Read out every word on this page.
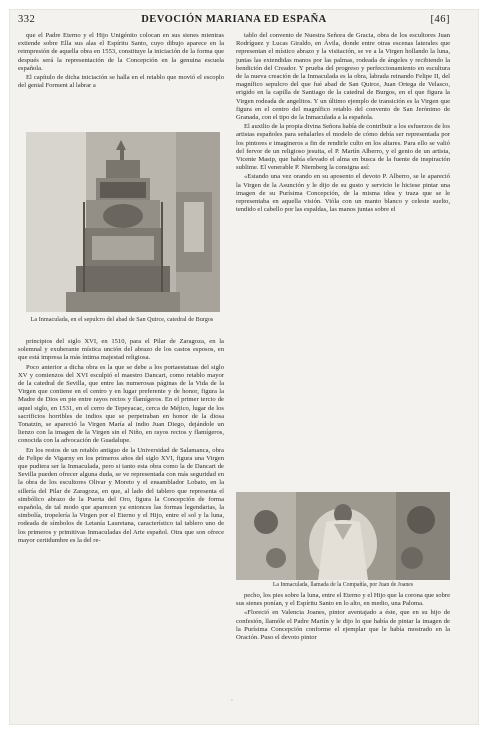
332	DEVOCIÓN MARIANA ED ESPAÑA	[46]

que el Padre Eterno y el Hijo Unigénito colocan en sus sienes mientras extiende sobre Ella sus alas el Espíritu Santo, cuyo dibujo aparece en la reimpresión de aquella obra en 1553, constituye la iniciación de la forma que después será la representación de la Concepción en la genuina escuela española.

El capítulo de dicha iniciación se halla en el retablo que movió el escoplo del genial Forment al labrar a

La Inmaculada, en el sepulcro del abad de San Quirce, catedral de Burgos

principios del siglo XVI, en 1510, para el Pilar de Zaragoza, en la solemnal y exuberante mística unción del abrazo de los castos esposos, en que está impresa la más íntima majestad religiosa.

Poco anterior a dicha obra es la que se debe a los portaestatuas del siglo XV y comienzos del XVI esculpió el maestro Dancart, como retablo mayor de la catedral de Sevilla, que entre las numerosas páginas de la Vida de la Virgen que contiene en el centro y en lugar preferente y de honor, figura la Madre de Dios en pie entre rayos rectos y flamígeros. En el primer tercio de aquel siglo, en 1531, en el cerro de Tepeyacac, cerca de Méjico, lugar de los sacrificios horribles de indios que se perpetraban en honor de la diosa Tonatzin, se apareció la Virgen María al indio Juan Diego, dejándole un lienzo con la imagen de la Virgen sin el Niño, en rayos rectos y flamígeros, conocida con la advocación de Guadalupe.

En los restos de un retablo antiguo de la Universidad de Salamanca, obra de Felipe de Vigarny en los primeros años del siglo XVI, figura una Virgen que pudiera ser la Inmaculada, pero si tanto esta obra como la de Dancart de Sevilla pueden ofrecer alguna duda, se ve representada con más seguridad en la obra de los escultores Olivar y Moreto y el ensamblador Lobato, en la sillería del Pilar de Zaragoza, en que, al lado del tablero que representa el simbólico abrazo de la Puerta del Oro, figura la Concepción de forma española, de tal modo que aparecen ya entonces las formas legendarias, la simbolía, tropelería la Virgen por el Eterno y el Hijo, entre el sol y la luna, rodeada de símbolos de Letanía Lauretana, característico tal tablero uno de los primeros y primitivas Inmaculadas del Arte español. Otra que son ofrece mayor certidumbre es la del re-

tablo del convento de Nuestra Señora de Gracia, obra de los escultores Juan Rodríguez y Lucas Giraldo, en Ávila, donde entre otras escenas laterales que representan el místico abrazo y la visitación, se ve a la Virgen hollando la luna, juntas las extendidas manos por las palmas, rodeada de ángeles y recibiendo la bendición del Creador. Y prueba del progreso y perfeccionamiento en escultura de la nueva creación de la Inmaculada es la obra, labrada reinando Felipe II, del magnífico sepulcro del que fué abad de San Quirce, Juan Ortega de Velasco, erigido en la capilla de Santiago de la catedral de Burgos, en el que figura la Virgen rodeada de angelitos. Y un último ejemplo de transición es la Virgen que figura en el centro del magnífico retablo del convento de San Jerónimo de Granada, con el tipo de la Inmaculada a la española.

El auxilio de la propia divina Señora había de contribuir a los esfuerzos de los artistas españoles para señalarles el modelo de cómo debía ser representada por los pintores e imagineros a fin de rendirle culto en los altares. Para ello se valió del fervor de un religioso jesuita, el P. Martín Alberro, y el genio de un artista, Vicente Masip, que había elevado el alma en busca de la fuente de inspiración sublime. El venerable P. Niemberg la consigna así:

«Estando una vez orando en su aposento el devoto P. Alberro, se le apareció la Virgen de la Asunción y le dijo de su gusto y servicio le hiciese pintar una imagen de su Purísima Concepción, de la misma idea y traza que se le representaba en aquella visión. Vióla con un manto blanco y celeste suelto, tendido el cabello por las espaldas, las manos juntas sobre el

La Inmaculada, llamada de la Compañía, por Juan de Joanes

pecho, los pies sobre la luna, entre el Eterno y el Hijo que la corona que sobre sus sienes ponían, y el Espíritu Santo en lo alto, en medio, una Paloma.

«Floreció en Valencia Joanes, pintor aventajado a éste, que en su hijo de confesión, llamóle el Padre Martín y le dijo lo que había de pintar la imagen de la Purísima Concepción conforme el ejemplar que le había mostrado en la Oración. Puso el devoto pintor

·
